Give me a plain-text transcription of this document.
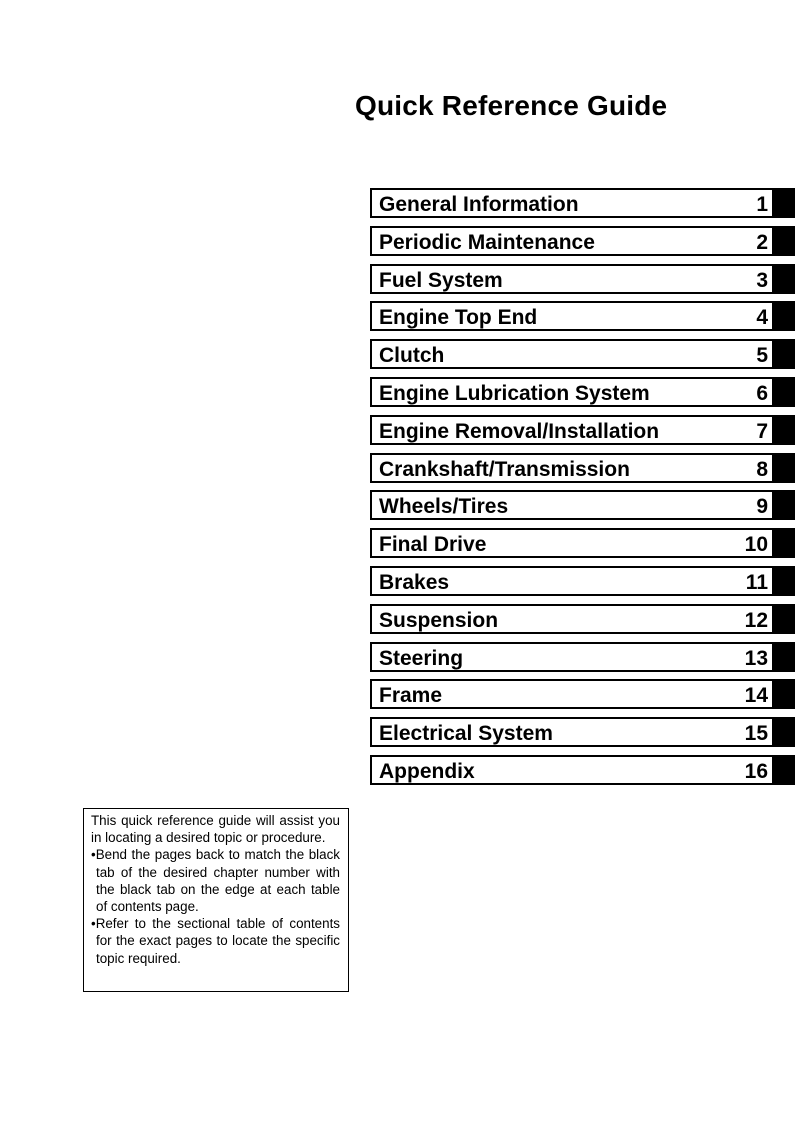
Quick Reference Guide
General Information	1
Periodic Maintenance	2
Fuel System	3
Engine Top End	4
Clutch	5
Engine Lubrication System	6
Engine Removal/Installation	7
Crankshaft/Transmission	8
Wheels/Tires	9
Final Drive	10
Brakes	11
Suspension	12
Steering	13
Frame	14
Electrical System	15
Appendix	16

This quick reference guide will assist you in locating a desired topic or procedure.

•Bend the pages back to match the black tab of the desired chapter number with the black tab on the edge at each table of contents page.

•Refer to the sectional table of contents for the exact pages to locate the specific topic required.
